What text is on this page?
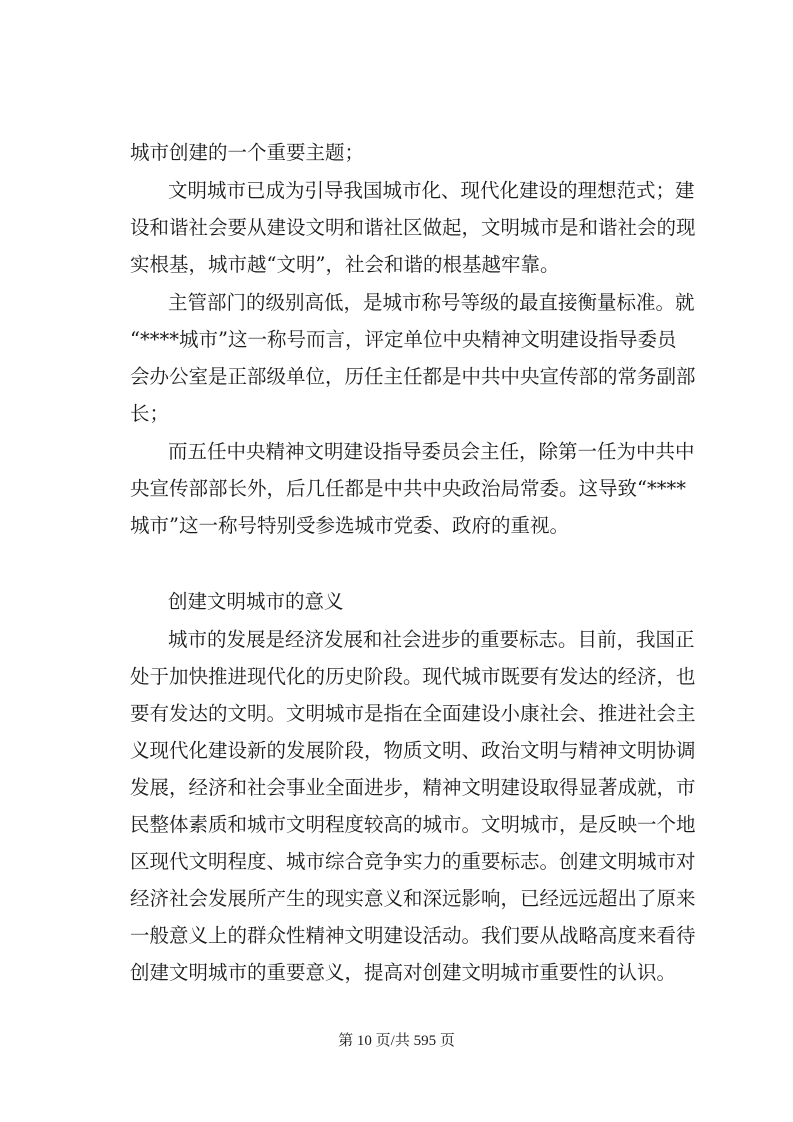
城市创建的一个重要主题；
文明城市已成为引导我国城市化、现代化建设的理想范式；建
设和谐社会要从建设文明和谐社区做起，文明城市是和谐社会的现
实根基，城市越“文明”，社会和谐的根基越牢靠。
主管部门的级别高低，是城市称号等级的最直接衡量标准。就
“****城市”这一称号而言，评定单位中央精神文明建设指导委员
会办公室是正部级单位，历任主任都是中共中央宣传部的常务副部
长；
而五任中央精神文明建设指导委员会主任，除第一任为中共中
央宣传部部长外，后几任都是中共中央政治局常委。这导致“****
城市”这一称号特别受参选城市党委、政府的重视。
创建文明城市的意义
城市的发展是经济发展和社会进步的重要标志。目前，我国正
处于加快推进现代化的历史阶段。现代城市既要有发达的经济，也
要有发达的文明。文明城市是指在全面建设小康社会、推进社会主
义现代化建设新的发展阶段，物质文明、政治文明与精神文明协调
发展，经济和社会事业全面进步，精神文明建设取得显著成就，市
民整体素质和城市文明程度较高的城市。文明城市，是反映一个地
区现代文明程度、城市综合竞争实力的重要标志。创建文明城市对
经济社会发展所产生的现实意义和深远影响，已经远远超出了原来
一般意义上的群众性精神文明建设活动。我们要从战略高度来看待
创建文明城市的重要意义，提高对创建文明城市重要性的认识。
第 10 页/共 595 页
